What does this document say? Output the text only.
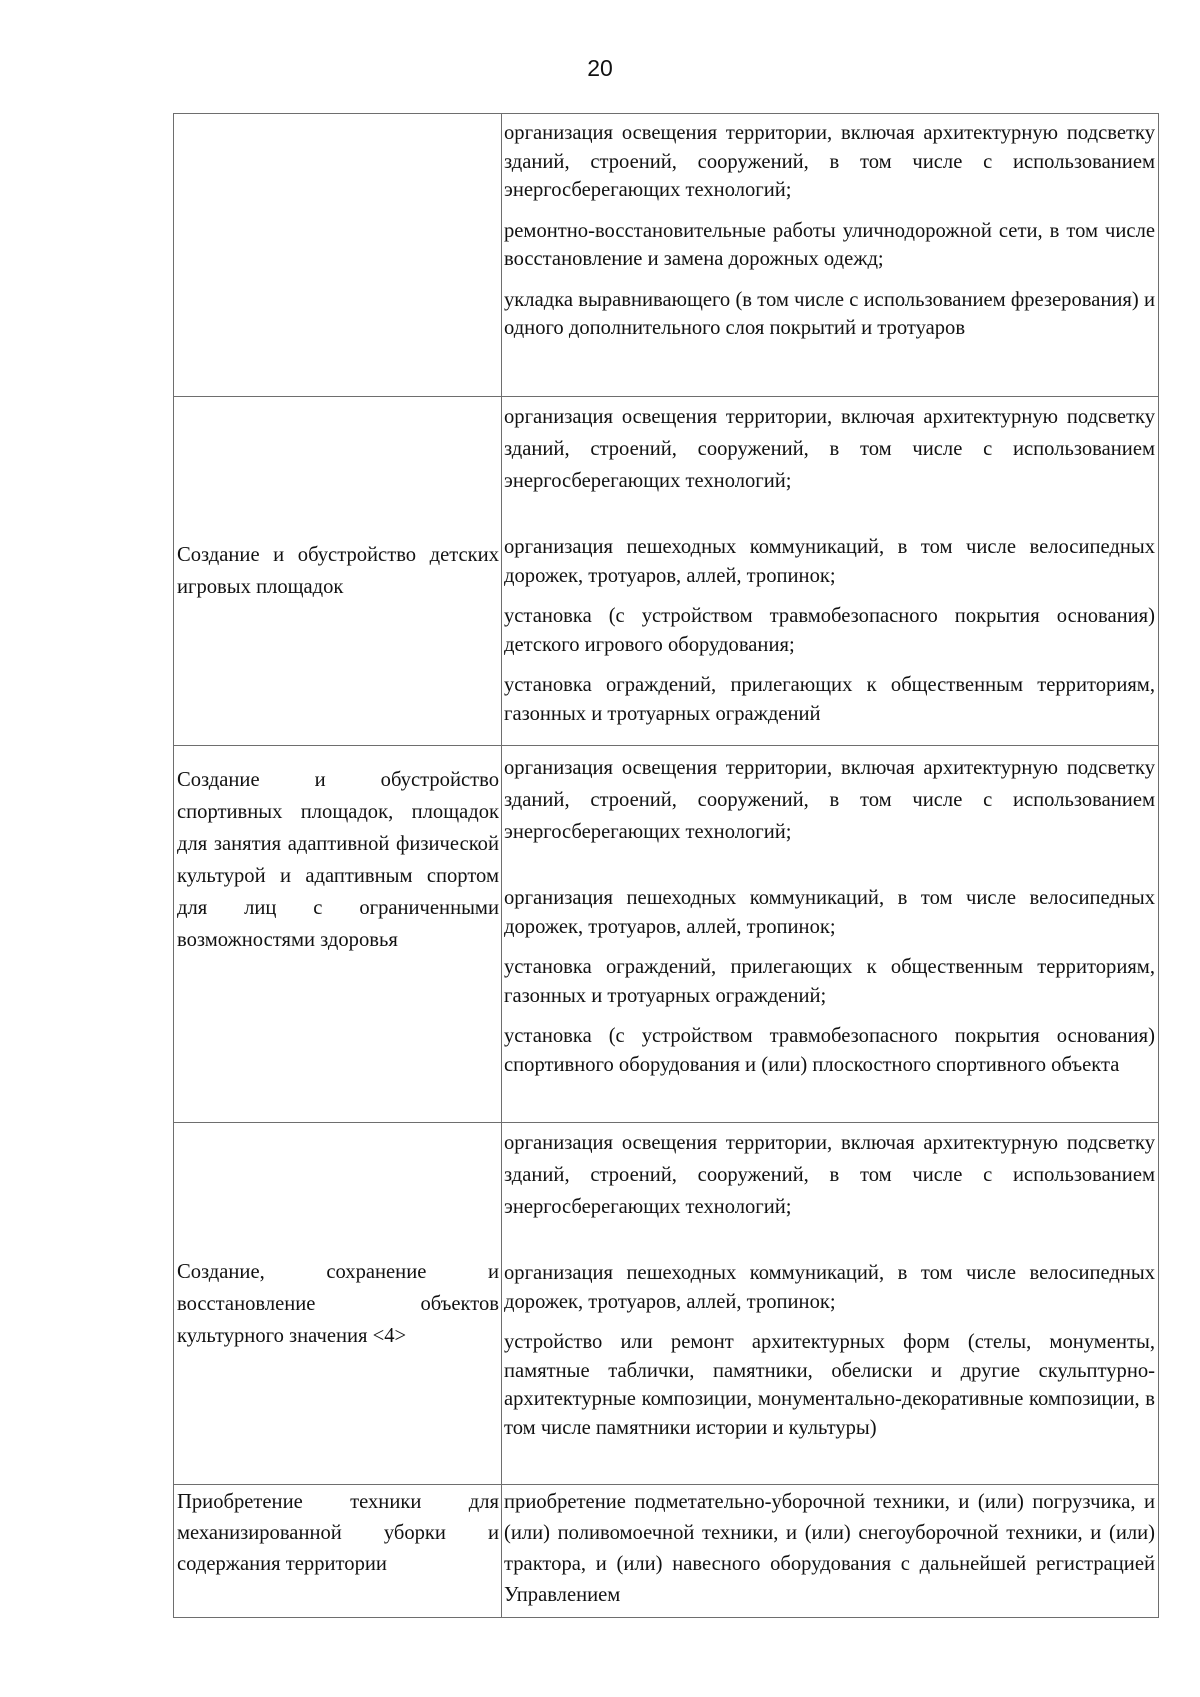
20

	организация освещения территории, включая архитектурную подсветку зданий, строений, сооружений, в том числе с использованием энергосберегающих технологий;

ремонтно-восстановительные работы уличнодорожной сети, в том числе восстановление и замена дорожных одежд;

укладка выравнивающего (в том числе с использованием фрезерования) и одного дополнительного слоя покрытий и тротуаров

Создание и обустройство детских игровых площадок	организация освещения территории, включая архитектурную подсветку зданий, строений, сооружений, в том числе с использованием энергосберегающих технологий;

организация пешеходных коммуникаций, в том числе велосипедных дорожек, тротуаров, аллей, тропинок;

установка (с устройством травмобезопасного покрытия основания) детского игрового оборудования;

установка ограждений, прилегающих к общественным территориям, газонных и тротуарных ограждений

Создание и обустройство спортивных площадок, площадок для занятия адаптивной физической культурой и адаптивным спортом для лиц с ограниченными возможностями здоровья	организация освещения территории, включая архитектурную подсветку зданий, строений, сооружений, в том числе с использованием энергосберегающих технологий;

организация пешеходных коммуникаций, в том числе велосипедных дорожек, тротуаров, аллей, тропинок;

установка ограждений, прилегающих к общественным территориям, газонных и тротуарных ограждений;

установка (с устройством травмобезопасного покрытия основания) спортивного оборудования и (или) плоскостного спортивного объекта

Создание, сохранение и восстановление объектов культурного значения <4>	организация освещения территории, включая архитектурную подсветку зданий, строений, сооружений, в том числе с использованием энергосберегающих технологий;

организация пешеходных коммуникаций, в том числе велосипедных дорожек, тротуаров, аллей, тропинок;

устройство или ремонт архитектурных форм (стелы, монументы, памятные таблички, памятники, обелиски и другие скульптурно-архитектурные композиции, монументально-декоративные композиции, в том числе памятники истории и культуры)

Приобретение техники для механизированной уборки и содержания территории	приобретение подметательно-уборочной техники, и (или) погрузчика, и (или) поливомоечной техники, и (или) снегоуборочной техники, и (или) трактора, и (или) навесного оборудования с дальнейшей регистрацией Управлением
